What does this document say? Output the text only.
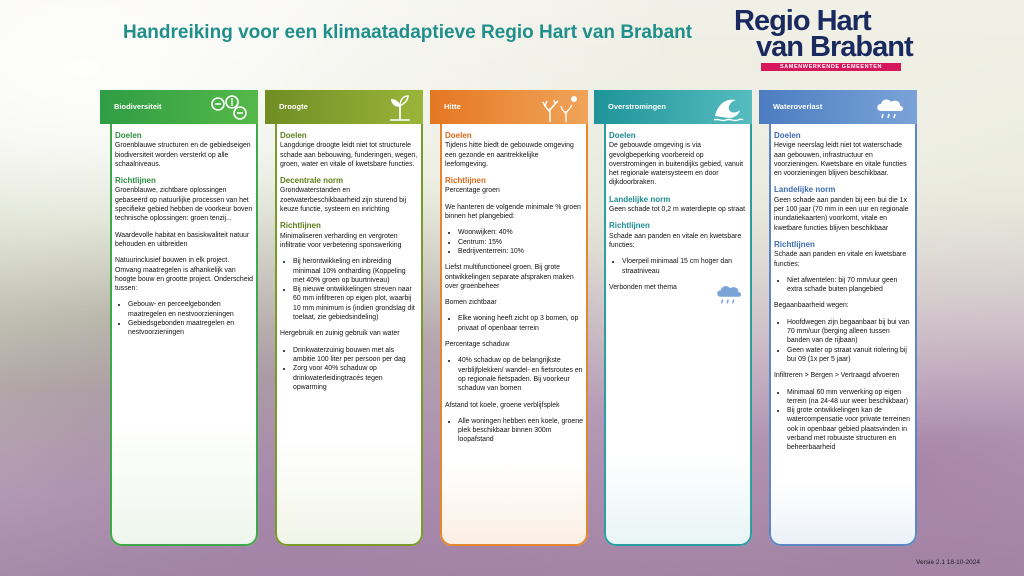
Handreiking voor een klimaatadaptieve Regio Hart van Brabant Regio Hart
van Brabant
SAMENWERKENDE GEMEENTEN
Doelen

Groenblauwe structuren en de gebiedseigen biodiversiteit worden versterkt op alle schaalniveaus.

Richtlijnen

Groenblauwe, zichtbare oplossingen gebaseerd op natuurlijke processen van het specifieke gebied hebben de voorkeur boven technische oplossingen: groen tenzij...

Waardevolle habitat en basiskwaliteit natuur behouden en uitbreiden

Natuurinclusief bouwen in elk project. Omvang maatregelen is afhankelijk van hoogte bouw en grootte project. Onderscheid tussen:

• Gebouw- en perceelgebonden maatregelen en nestvoorzieningen
• Gebiedsgebonden maatregelen en nestvoorzieningen
Biodiversiteit
Doelen

Langdurige droogte leidt niet tot structurele schade aan bebouwing, funderingen, wegen, groen, water en vitale of kwetsbare functies.

Decentrale norm

Grondwaterstanden en zoetwaterbeschikbaarheid zijn sturend bij keuze functie, systeem en inrichting

Richtlijnen

Minimaliseren verharding en vergroten infiltratie voor verbetering sponswerking

• Bij herontwikkeling en inbreiding minimaal 10% ontharding (Koppeling met 40% groen op buurtniveau)
• Bij nieuwe ontwikkelingen streven naar 60 mm infiltreren op eigen plot, waarbij 10 mm minimum is (indien grondslag dit toelaat, zie gebiedsindeling)

Hergebruik en zuinig gebruik van water

• Drinkwaterzuinig bouwen met als ambitie 100 liter per persoon per dag
• Zorg voor 40% schaduw op drinkwaterleidingtracés tegen opwarming
Droogte
Doelen

Tijdens hitte biedt de gebouwde omgeving een gezonde en aantrekkelijke leefomgeving.

Richtlijnen

Percentage groen

We hanteren de volgende minimale % groen binnen het plangebied:

• Woonwijken: 40%
• Centrum: 15%
• Bedrijventerrein: 10%

Liefst multifunctioneel groen. Bij grote ontwikkelingen separate afspraken maken over groenbeheer

Bomen zichtbaar

• Elke woning heeft zicht op 3 bomen, op privaat of openbaar terrein

Percentage schaduw

• 40% schaduw op de belangrijkste verblijfplekken/ wandel- en fietsroutes en op regionale fietspaden. Bij voorkeur schaduw van bomen

Afstand tot koele, groene verblijfsplek

• Alle woningen hebben een koele, groene plek beschikbaar binnen 300m loopafstand
Hitte
Doelen

De gebouwde omgeving is via gevolgbeperking voorbereid op overstromingen in buitendijks gebied, vanuit het regionale watersysteem en door dijkdoorbraken.

Landelijke norm

Geen schade tot 0,2 m waterdiepte op straat

Richtlijnen

Schade aan panden en vitale en kwetsbare functies:

• Vloerpeil minimaal 15 cm hoger dan straatniveau

Verbonden met thema

Overstromingen
Doelen

Hevige neerslag leidt niet tot waterschade aan gebouwen, infrastructuur en voorzieningen. Kwetsbare en vitale functies en voorzieningen blijven beschikbaar.

Landelijke norm

Geen schade aan panden bij een bui die 1x per 100 jaar (70 mm in een uur en regionale inundatiekaarten) voorkomt, vitale en kwetbare functies blijven beschikbaar

Richtlijnen

Schade aan panden en vitale en kwetsbare functies:

• Niet afwentelen: bij 70 mm/uur geen extra schade buiten plangebied

Begaanbaarheid wegen:

• Hoofdwegen zijn begaanbaar bij bui van 70 mm/uur (berging alleen tussen banden van de rijbaan)
• Geen water op straat vanuit riolering bij bui 09 (1x per 5 jaar)

Infiltreren > Bergen > Vertraagd afvoeren

• Minimaal 60 mm verwerking op eigen terrein (na 24-48 uur weer beschikbaar)
• Bij grote ontwikkelingen kan de watercompensatie voor private terreinen ook in openbaar gebied plaatsvinden in verband met robuuste structuren en beheerbaarheid
Wateroverlast
Versie 2.1 18-10-2024
